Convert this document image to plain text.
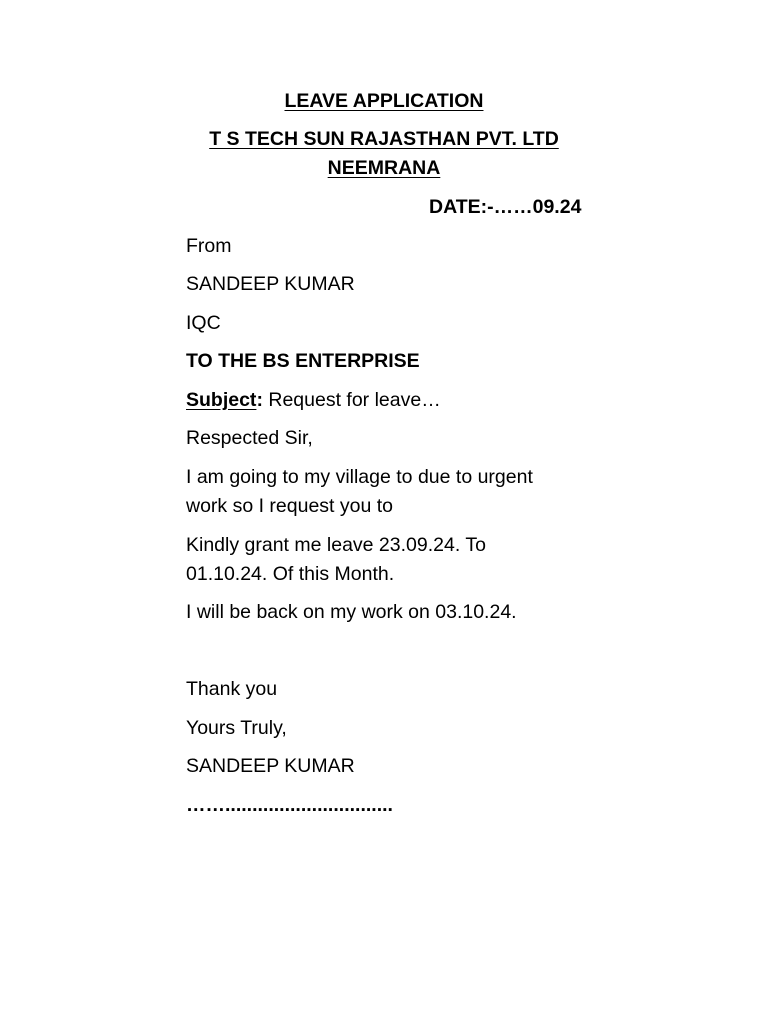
LEAVE APPLICATION
T S TECH SUN RAJASTHAN PVT. LTD
NEEMRANA
DATE:-……09.24
From
SANDEEP KUMAR
IQC
TO THE BS ENTERPRISE
Subject: Request for leave…
Respected Sir,
I am going to my village to due to urgent
work so I request you to
Kindly grant me leave 23.09.24. To
01.10.24. Of this Month.
I will be back on my work on 03.10.24.
Thank you
Yours Truly,
SANDEEP KUMAR
……...............................
